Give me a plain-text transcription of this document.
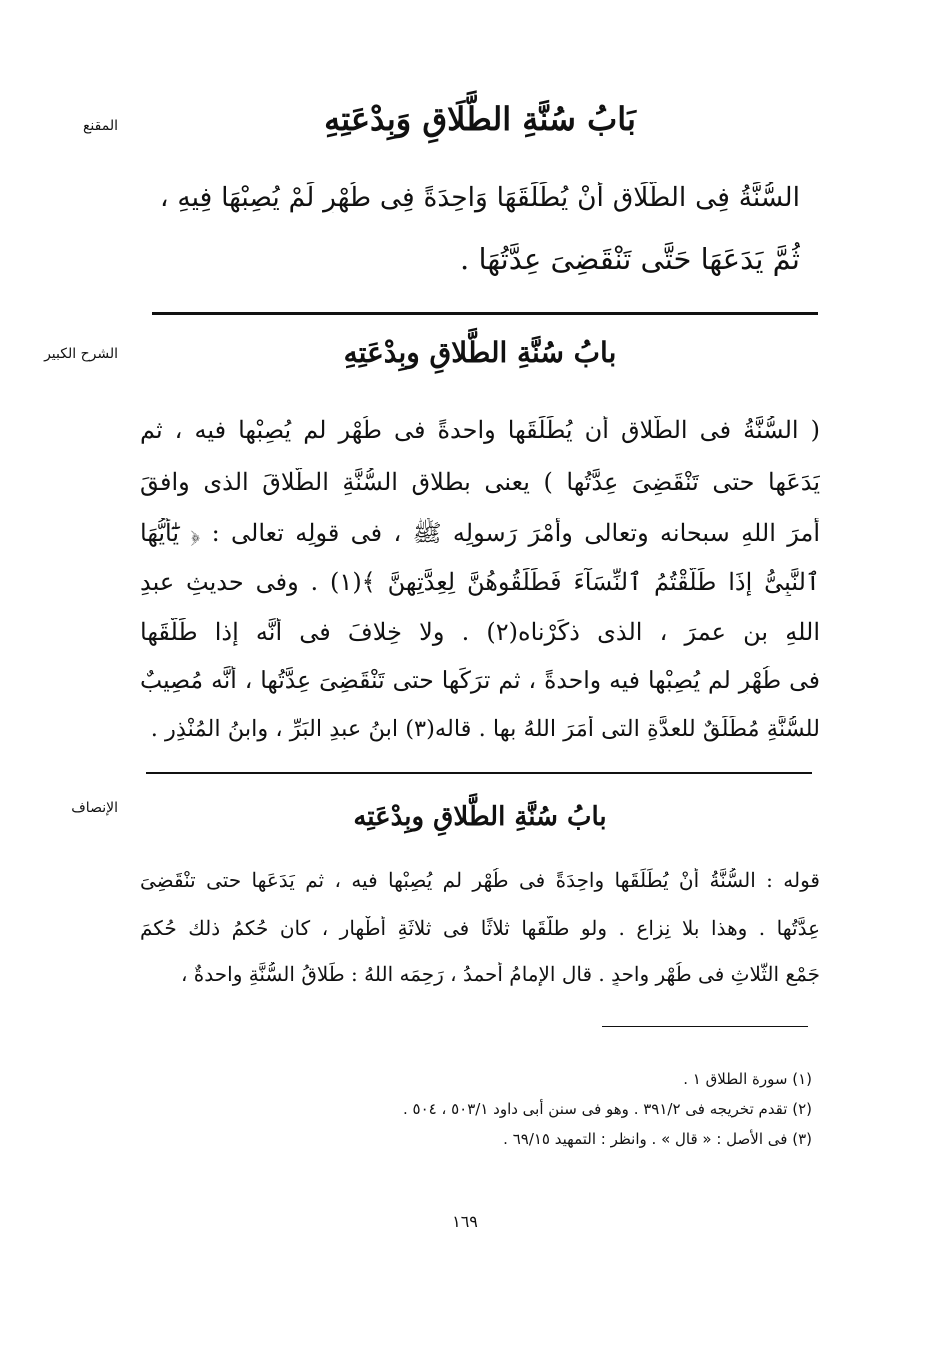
المقنع	بَابُ سُنَّةِ الطَّلَاقِ وَبِدْعَتِهِ
السُّنَّةُ فِى الطَّلَاقِ أَنْ يُطَلِّقَهَا وَاحِدَةً فِى طُهْرٍ لَمْ يُصِبْهَا فِيهِ ،
ثُمَّ يَدَعَهَا حَتَّى تَنْقَضِىَ عِدَّتُهَا .
الشرح الكبير	بابُ سُنَّةِ الطَّلاقِ وبِدْعَتِهِ
( السُّنَّةُ فى الطَّلاقِ أن يُطَلِّقَها واحدةً فى طُهْرٍ لم يُصِبْها فيه ، ثم
يَدَعَها حتى تَنْقَضِىَ عِدَّتُها ) يعنى بطلاقِ السُّنَّةِ الطَّلاقَ الذى وافقَ
أمرَ اللهِ سبحانه وتعالى وأمْرَ رَسولِه ﷺ ، فى قولِه تعالى : ﴿ يَٰٓأَيُّهَا
ٱلنَّبِىُّ إِذَا طَلَّقْتُمُ ٱلنِّسَآءَ فَطَلِّقُوهُنَّ لِعِدَّتِهِنَّ ﴾(١) . وفى حديثِ عبدِ
اللهِ بنِ عمرَ ، الذى ذكَرْناه(٢) . ولا خِلافَ فى أنَّه إذا طَلَّقَها
فى طُهْرٍ لم يُصِبْها فيه واحدةً ، ثم ترَكَها حتى تَنْقَضِىَ عِدَّتُها ، أنَّه مُصِيبٌ
للسُّنَّةِ مُطَلِّقٌ للعدَّةِ التى أمَرَ اللهُ بها . قاله(٣) ابنُ عبدِ البَرِّ ، وابنُ المُنْذِرِ .
الإنصاف	بابُ سُنَّةِ الطَّلاقِ وبِدْعَتِه
قوله : السُّنَّةُ أنْ يُطَلِّقَها واحِدَةً فى طُهْرٍ لم يُصِبْها فيه ، ثم يَدَعَها حتى تنْقَضِىَ
عِدَّتُها . وهذا بلا نِزاعٍ . ولو طلَّقَها ثلاثًا فى ثلاثَةِ أطْهارٍ ، كان حُكمُ ذلك حُكمَ
جَمْعِ الثَّلاثِ فى طُهْرٍ واحدٍ . قال الإمامُ أحمدُ ، رَحِمَه اللهُ : طَلاقُ السُّنَّةِ واحدةٌ ،
(١) سورة الطلاق ١ .
(٢) تقدم تخريجه فى ٣٩١/٢ . وهو فى سنن أبى داود ٥٠٣/١ ، ٥٠٤ .
(٣) فى الأصل : « قال » . وانظر : التمهيد ٦٩/١٥ .
١٦٩
